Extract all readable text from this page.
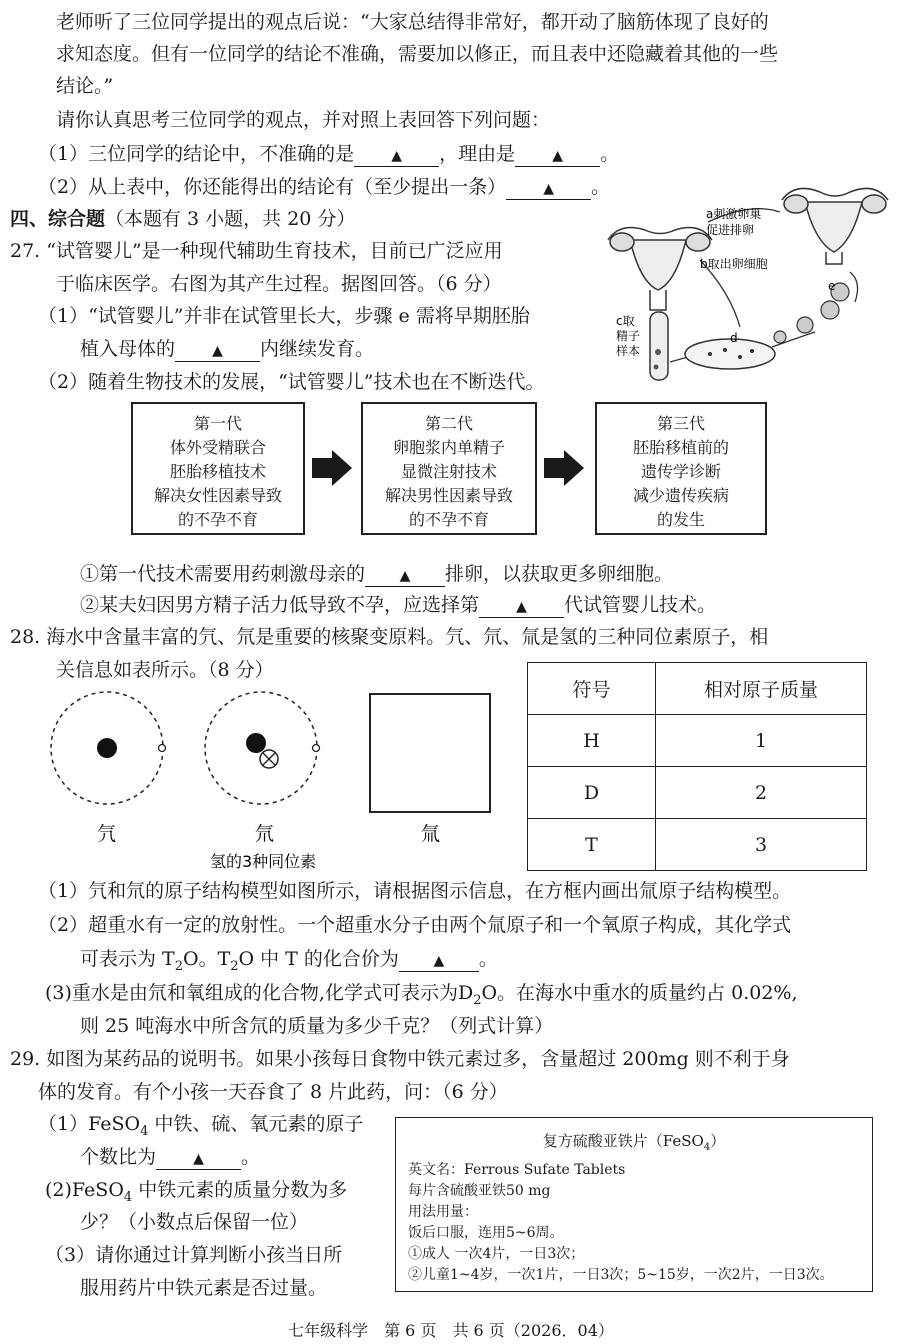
老师听了三位同学提出的观点后说：“大家总结得非常好，都开动了脑筋体现了良好的
求知态度。但有一位同学的结论不准确，需要加以修正，而且表中还隐藏着其他的一些
结论。”
请你认真思考三位同学的观点，并对照上表回答下列问题：
（1）三位同学的结论中，不准确的是	▲ ，理由是	▲ 。
（2）从上表中，你还能得出的结论有（至少提出一条）	▲ 。
四、综合题（本题有 3 小题，共 20 分）
27. “试管婴儿”是一种现代辅助生育技术，目前已广泛应用
于临床医学。右图为其产生过程。据图回答。（6 分）
（1）“试管婴儿”并非在试管里长大，步骤 e 需将早期胚胎
植入母体的	▲ 内继续发育。
（2）随着生物技术的发展，“试管婴儿”技术也在不断迭代。
a刺激卵巢
促进排卵
b取出卵细胞
c取
精子
样本
d
e
第一代
体外受精联合
胚胎移植技术
解决女性因素导致
的不孕不育
第二代
卵胞浆内单精子
显微注射技术
解决男性因素导致
的不孕不育
第三代
胚胎移植前的
遗传学诊断
减少遗传疾病
的发生
①第一代技术需要用药刺激母亲的 ▲ 排卵，以获取更多卵细胞。
②某夫妇因男方精子活力低导致不孕，应选择第	▲ 代试管婴儿技术。
28. 海水中含量丰富的氕、氘是重要的核聚变原料。氕、氘、氚是氢的三种同位素原子，相
关信息如表所示。（8 分）
氕	氘	氚
氢的3种同位素
符号	相对原子质量
H	1
D	2
T	3
（1）氕和氘的原子结构模型如图所示，请根据图示信息，在方框内画出氚原子结构模型。
（2）超重水有一定的放射性。一个超重水分子由两个氚原子和一个氧原子构成，其化学式
可表示为 $T_2O$。$T_2O$ 中 T 的化合价为 ▲ 。
(3)重水是由氘和氧组成的化合物,化学式可表示为$D_2O$。在海水中重水的质量约占 0.02%,
则 25 吨海水中所含氘的质量为多少千克？（列式计算）
29. 如图为某药品的说明书。如果小孩每日食物中铁元素过多，含量超过 200mg 则不利于身
体的发育。有个小孩一天吞食了 8 片此药，问：（6 分）
（1）FeSO$_4$ 中铁、硫、氧元素的原子
个数比为	▲ 。
(2)FeSO$_4$ 中铁元素的质量分数为多
少？（小数点后保留一位）
（3）请你通过计算判断小孩当日所
服用药片中铁元素是否过量。
复方硫酸亚铁片（FeSO$_4$）
英文名：Ferrous Sufate Tablets
每片含硫酸亚铁50 mg
用法用量：
饭后口服，连用5~6周。
①成人 一次4片，一日3次；
②儿童1~4岁，一次1片，一日3次；5~15岁，一次2片，一日3次。
七年级科学　第 6 页　共 6 页（2026．04）
